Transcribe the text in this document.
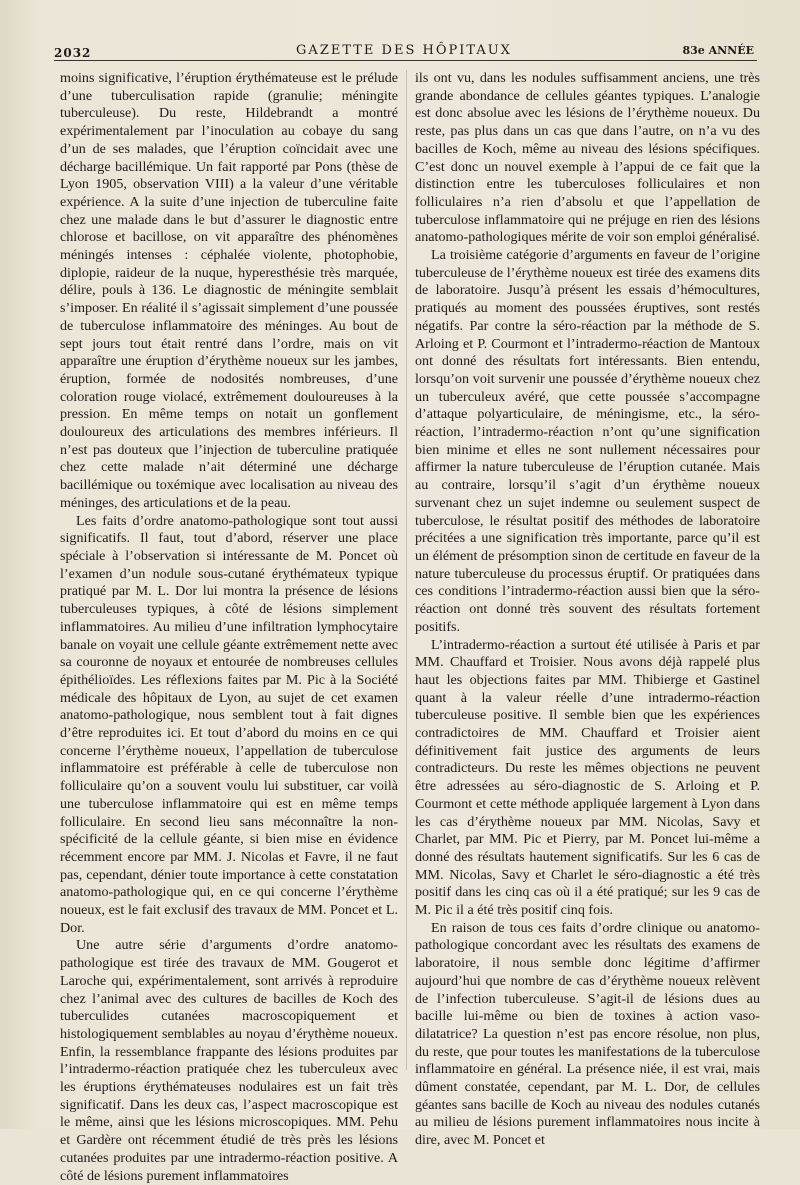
2032	GAZETTE DES HÔPITAUX	83e ANNÉE

moins significative, l’éruption érythémateuse est le prélude d’une tuberculisation rapide (granulie; méningite tuberculeuse). Du reste, Hildebrandt a montré expérimentalement par l’inoculation au cobaye du sang d’un de ses malades, que l’éruption coïncidait avec une décharge bacillémique. Un fait rapporté par Pons (thèse de Lyon 1905, observation VIII) a la valeur d’une véritable expérience. A la suite d’une injection de tuberculine faite chez une malade dans le but d’assurer le diagnostic entre chlorose et bacillose, on vit apparaître des phénomènes méningés intenses : céphalée violente, photophobie, diplopie, raideur de la nuque, hyperesthésie très marquée, délire, pouls à 136. Le diagnostic de méningite semblait s’imposer. En réalité il s’agissait simplement d’une poussée de tuberculose inflammatoire des méninges. Au bout de sept jours tout était rentré dans l’ordre, mais on vit apparaître une éruption d’érythème noueux sur les jambes, éruption, formée de nodosités nombreuses, d’une coloration rouge violacé, extrêmement douloureuses à la pression. En même temps on notait un gonflement douloureux des articulations des membres inférieurs. Il n’est pas douteux que l’injection de tuberculine pratiquée chez cette malade n’ait déterminé une décharge bacillémique ou toxémique avec localisation au niveau des méninges, des articulations et de la peau.

Les faits d’ordre anatomo-pathologique sont tout aussi significatifs. Il faut, tout d’abord, réserver une place spéciale à l’observation si intéressante de M. Poncet où l’examen d’un nodule sous-cutané érythémateux typique pratiqué par M. L. Dor lui montra la présence de lésions tuberculeuses typiques, à côté de lésions simplement inflammatoires. Au milieu d’une infiltration lymphocytaire banale on voyait une cellule géante extrêmement nette avec sa couronne de noyaux et entourée de nombreuses cellules épithélioïdes. Les réflexions faites par M. Pic à la Société médicale des hôpitaux de Lyon, au sujet de cet examen anatomo-pathologique, nous semblent tout à fait dignes d’être reproduites ici. Et tout d’abord du moins en ce qui concerne l’érythème noueux, l’appellation de tuberculose inflammatoire est préférable à celle de tuberculose non folliculaire qu’on a souvent voulu lui substituer, car voilà une tuberculose inflammatoire qui est en même temps folliculaire. En second lieu sans méconnaître la non-spécificité de la cellule géante, si bien mise en évidence récemment encore par MM. J. Nicolas et Favre, il ne faut pas, cependant, dénier toute importance à cette constatation anatomo-pathologique qui, en ce qui concerne l’érythème noueux, est le fait exclusif des travaux de MM. Poncet et L. Dor.

Une autre série d’arguments d’ordre anatomo-pathologique est tirée des travaux de MM. Gougerot et Laroche qui, expérimentalement, sont arrivés à reproduire chez l’animal avec des cultures de bacilles de Koch des tuberculides cutanées macroscopiquement et histologiquement semblables au noyau d’érythème noueux. Enfin, la ressemblance frappante des lésions produites par l’intradermo-réaction pratiquée chez les tuberculeux avec les éruptions érythémateuses nodulaires est un fait très significatif. Dans les deux cas, l’aspect macroscopique est le même, ainsi que les lésions microscopiques. MM. Pehu et Gardère ont récemment étudié de très près les lésions cutanées produites par une intradermo-réaction positive. A côté de lésions purement inflammatoires

ils ont vu, dans les nodules suffisamment anciens, une très grande abondance de cellules géantes typiques. L’analogie est donc absolue avec les lésions de l’érythème noueux. Du reste, pas plus dans un cas que dans l’autre, on n’a vu des bacilles de Koch, même au niveau des lésions spécifiques. C’est donc un nouvel exemple à l’appui de ce fait que la distinction entre les tuberculoses folliculaires et non folliculaires n’a rien d’absolu et que l’appellation de tuberculose inflammatoire qui ne préjuge en rien des lésions anatomo-pathologiques mérite de voir son emploi généralisé.

La troisième catégorie d’arguments en faveur de l’origine tuberculeuse de l’érythème noueux est tirée des examens dits de laboratoire. Jusqu’à présent les essais d’hémocultures, pratiqués au moment des poussées éruptives, sont restés négatifs. Par contre la séro-réaction par la méthode de S. Arloing et P. Courmont et l’intradermo-réaction de Mantoux ont donné des résultats fort intéressants. Bien entendu, lorsqu’on voit survenir une poussée d’érythème noueux chez un tuberculeux avéré, que cette poussée s’accompagne d’attaque polyarticulaire, de méningisme, etc., la séro-réaction, l’intradermo-réaction n’ont qu’une signification bien minime et elles ne sont nullement nécessaires pour affirmer la nature tuberculeuse de l’éruption cutanée. Mais au contraire, lorsqu’il s’agit d’un érythème noueux survenant chez un sujet indemne ou seulement suspect de tuberculose, le résultat positif des méthodes de laboratoire précitées a une signification très importante, parce qu’il est un élément de présomption sinon de certitude en faveur de la nature tuberculeuse du processus éruptif. Or pratiquées dans ces conditions l’intradermo-réaction aussi bien que la séro-réaction ont donné très souvent des résultats fortement positifs.

L’intradermo-réaction a surtout été utilisée à Paris et par MM. Chauffard et Troisier. Nous avons déjà rappelé plus haut les objections faites par MM. Thibierge et Gastinel quant à la valeur réelle d’une intradermo-réaction tuberculeuse positive. Il semble bien que les expériences contradictoires de MM. Chauffard et Troisier aient définitivement fait justice des arguments de leurs contradicteurs. Du reste les mêmes objections ne peuvent être adressées au séro-diagnostic de S. Arloing et P. Courmont et cette méthode appliquée largement à Lyon dans les cas d’érythème noueux par MM. Nicolas, Savy et Charlet, par MM. Pic et Pierry, par M. Poncet lui-même a donné des résultats hautement significatifs. Sur les 6 cas de MM. Nicolas, Savy et Charlet le séro-diagnostic a été très positif dans les cinq cas où il a été pratiqué; sur les 9 cas de M. Pic il a été très positif cinq fois.

En raison de tous ces faits d’ordre clinique ou anatomo-pathologique concordant avec les résultats des examens de laboratoire, il nous semble donc légitime d’affirmer aujourd’hui que nombre de cas d’érythème noueux relèvent de l’infection tuberculeuse. S’agit-il de lésions dues au bacille lui-même ou bien de toxines à action vaso-dilatatrice? La question n’est pas encore résolue, non plus, du reste, que pour toutes les manifestations de la tuberculose inflammatoire en général. La présence niée, il est vrai, mais dûment constatée, cependant, par M. L. Dor, de cellules géantes sans bacille de Koch au niveau des nodules cutanés au milieu de lésions purement inflammatoires nous incite à dire, avec M. Poncet et
